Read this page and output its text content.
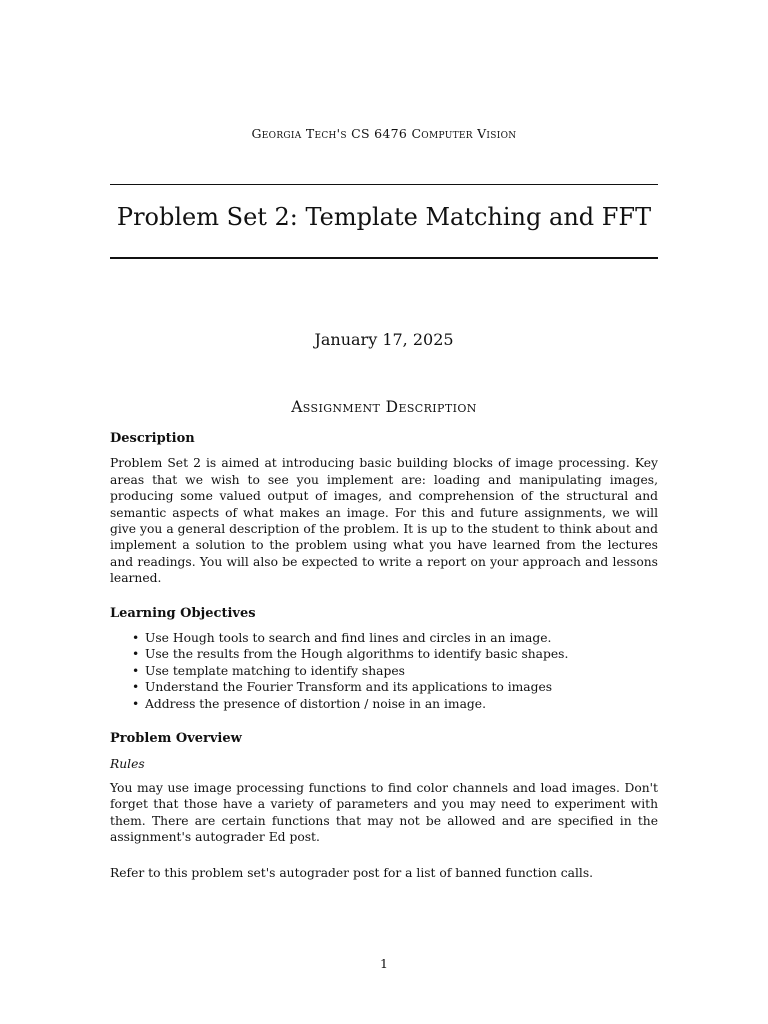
Georgia Tech's CS 6476 Computer Vision
Problem Set 2: Template Matching and FFT
January 17, 2025
Assignment Description
Description

Problem Set 2 is aimed at introducing basic building blocks of image processing. Key areas that we wish to see you implement are: loading and manipulating images, producing some valued output of images, and comprehension of the structural and semantic aspects of what makes an image. For this and future assignments, we will give you a general description of the problem. It is up to the student to think about and implement a solution to the problem using what you have learned from the lectures and readings. You will also be expected to write a report on your approach and lessons learned.

Learning Objectives
• Use Hough tools to search and find lines and circles in an image.
• Use the results from the Hough algorithms to identify basic shapes.
• Use template matching to identify shapes
• Understand the Fourier Transform and its applications to images
• Address the presence of distortion / noise in an image.
Problem Overview
Rules

You may use image processing functions to find color channels and load images. Don't forget that those have a variety of parameters and you may need to experiment with them. There are certain functions that may not be allowed and are specified in the assignment's autograder Ed post.

Refer to this problem set's autograder post for a list of banned function calls.

1
